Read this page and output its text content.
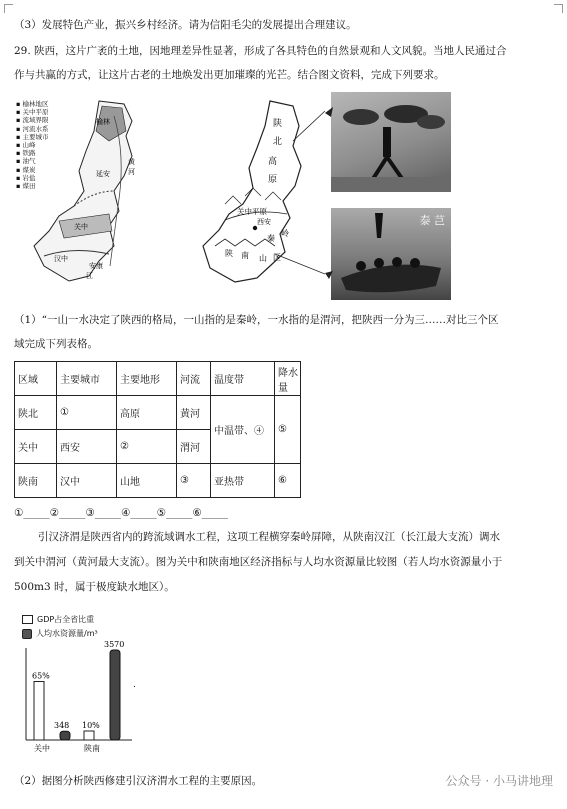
（3）发展特色产业，振兴乡村经济。请为信阳毛尖的发展提出合理建议。
29. 陕西，这片广袤的土地，因地理差异性显著，形成了各具特色的自然景观和人文风貌。当地人民通过合
作与共赢的方式，让这片古老的土地焕发出更加璀璨的光芒。结合图文资料，完成下列要求。
榆林
延安
关中
汉中
安康
河
黄
江
▪ 榆林地区
▪ 关中平原
▪ 流域界限
▪ 河流水系
▪ 主要城市
▪ 山峰
▪ 铁路
▪ 油气
▪ 煤炭
▪ 岩盐
▪ 煤田
陕
北
高
原
关中平原
西安
秦
岭
陕 南 山 区
泰 芑
（1）“一山一水决定了陕西的格局，一山指的是秦岭，一水指的是渭河，把陕西一分为三……对比三个区
域完成下列表格。
区域	主要城市	主要地形	河流	温度带	降水量
陕北	①	高原	黄河	中温带、④	⑤
关中	西安	②	渭河		
陕南	汉中	山地	③	亚热带	⑥
①_____②_____③_____④_____⑤_____⑥_____
引汉济渭是陕西省内的跨流域调水工程，这项工程横穿秦岭屏障，从陕南汉江（长江最大支流）调水
到关中渭河（黄河最大支流）。图为关中和陕南地区经济指标与人均水资源量比较图（若人均水资源量小于
500m3 时，属于极度缺水地区）。
GDP占全省比重
人均水资源量/m³
65%
348
关中
10%
3570
陕南
.
（2）据图分析陕西修建引汉济渭水工程的主要原因。	公众号 · 小马讲地理
